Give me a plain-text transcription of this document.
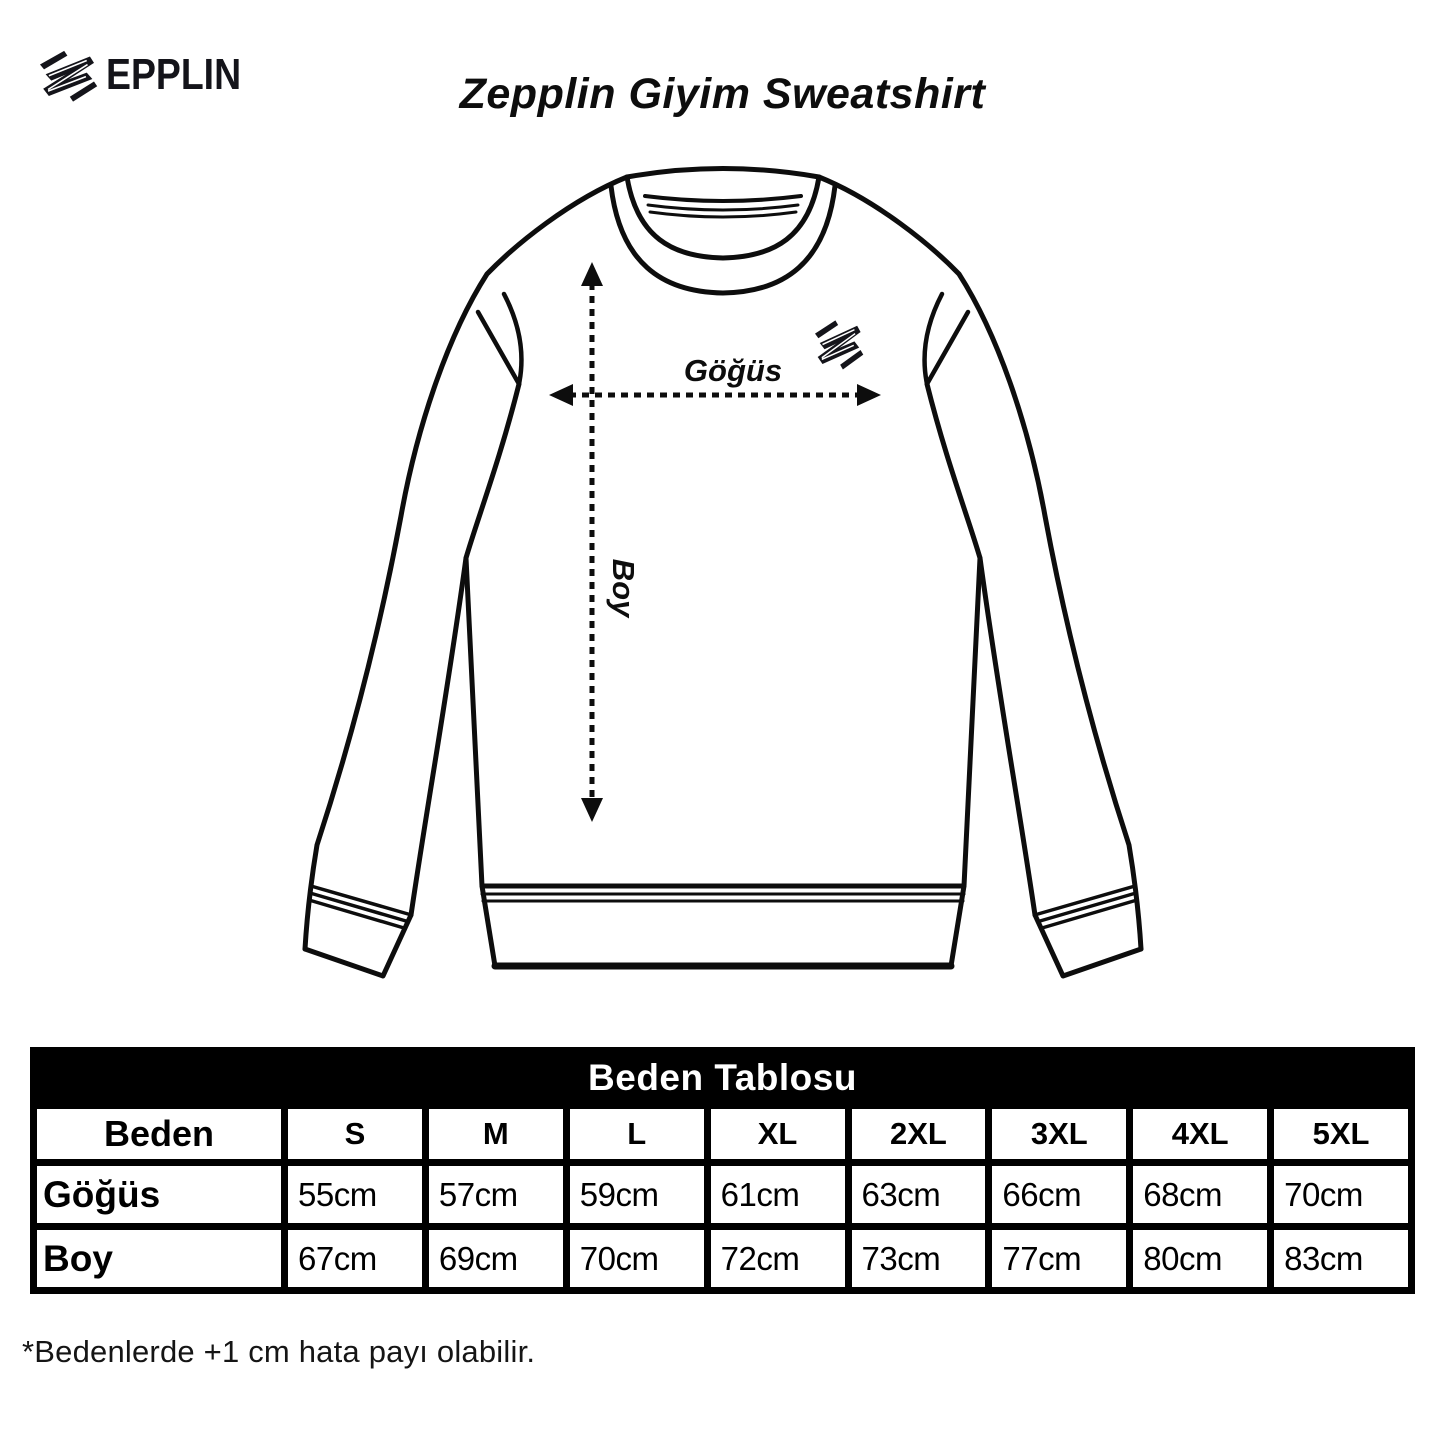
EPPLIN	Zepplin Giyim Sweatshirt
Göğüs
Boy
Beden Tablosu
Beden	S	M	L	XL	2XL	3XL	4XL	5XL
Göğüs	55cm	57cm	59cm	61cm	63cm	66cm	68cm	70cm
Boy	67cm	69cm	70cm	72cm	73cm	77cm	80cm	83cm

*Bedenlerde +1 cm hata payı olabilir.
